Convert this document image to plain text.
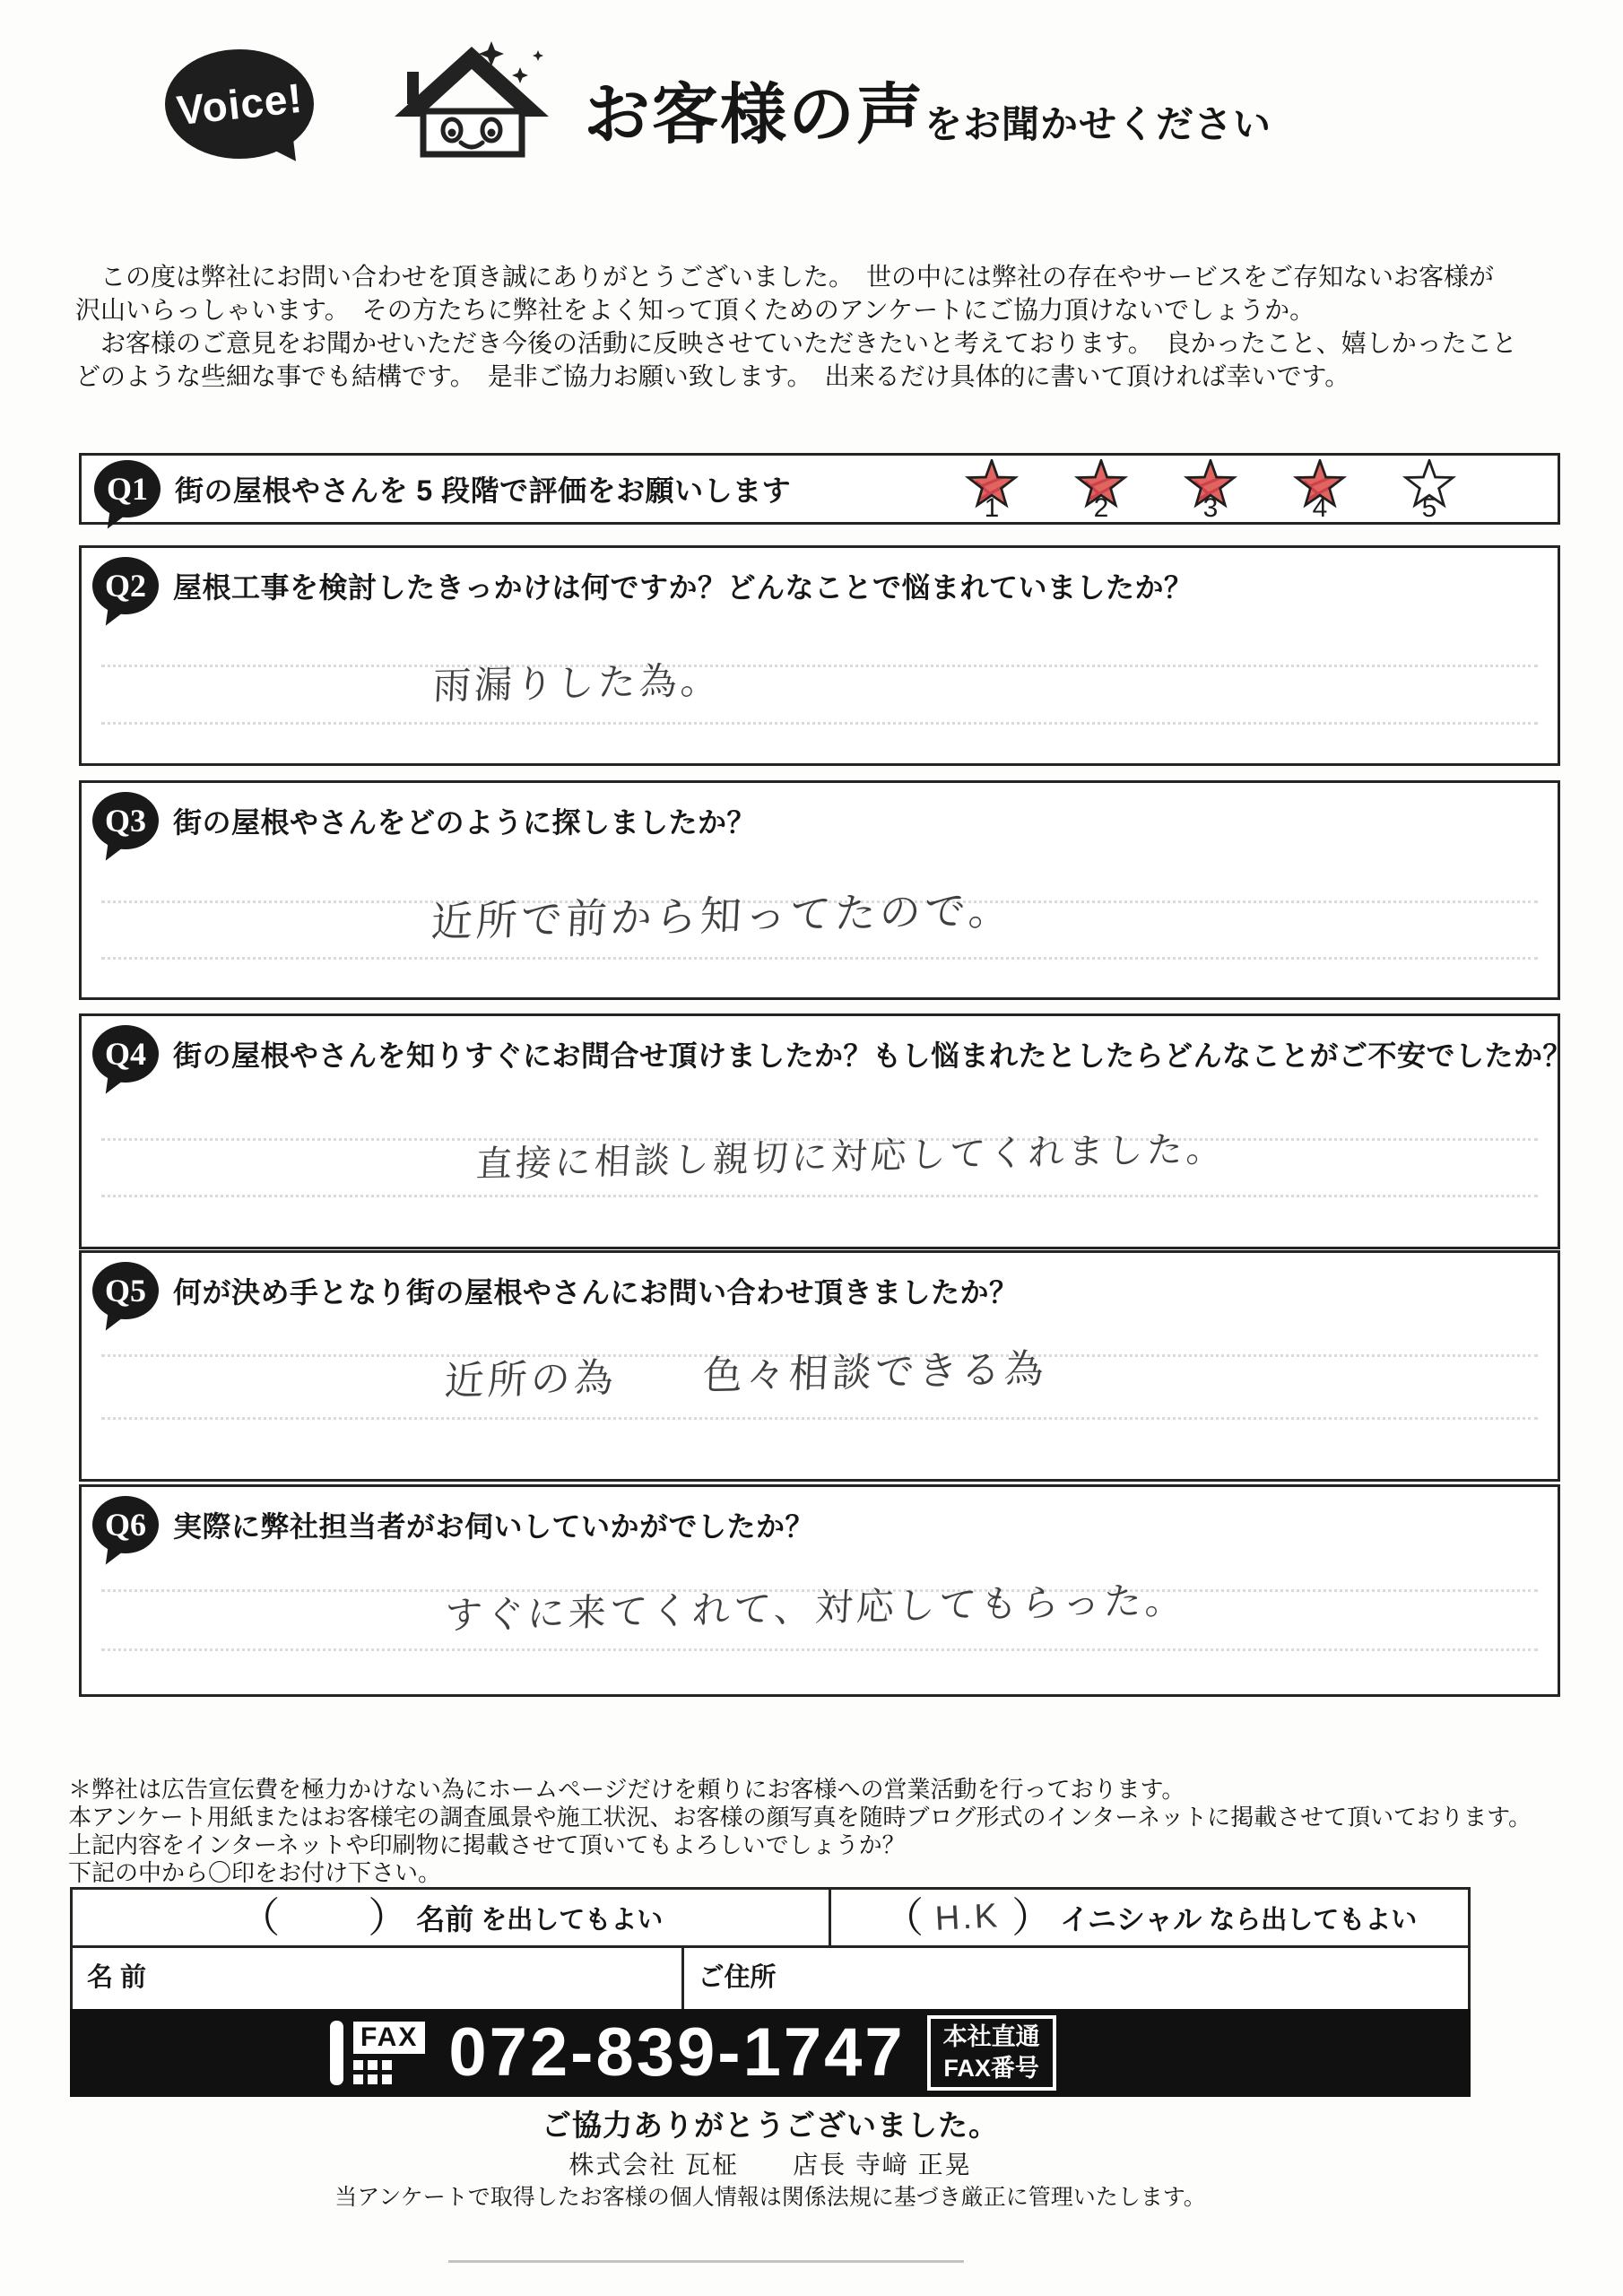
Voice!	お客様の声 をお聞かせください
　この度は弊社にお問い合わせを頂き誠にありがとうございました。　世の中には弊社の存在やサービスをご存知ないお客様が
沢山いらっしゃいます。　その方たちに弊社をよく知って頂くためのアンケートにご協力頂けないでしょうか。
　お客様のご意見をお聞かせいただき今後の活動に反映させていただきたいと考えております。　良かったこと、嬉しかったこと
どのような些細な事でも結構です。　是非ご協力お願い致します。　出来るだけ具体的に書いて頂ければ幸いです。
Q1 街の屋根やさんを 5 段階で評価をお願いします
1	2	3	4	5
Q2 屋根工事を検討したきっかけは何ですか？どんなことで悩まれていましたか？
雨漏りした為。
Q3 街の屋根やさんをどのように探しましたか？
近所で前から知ってたので。
Q4 街の屋根やさんを知りすぐにお問合せ頂けましたか？もし悩まれたとしたらどんなことがご不安でしたか？
直接に相談し親切に対応してくれました。
Q5 何が決め手となり街の屋根やさんにお問い合わせ頂きましたか？
近所の為　　色々相談できる為
Q6 実際に弊社担当者がお伺いしていかがでしたか？
すぐに来てくれて、対応してもらった。
＊弊社は広告宣伝費を極力かけない為にホームページだけを頼りにお客様への営業活動を行っております。
本アンケート用紙またはお客様宅の調査風景や施工状況、お客様の顔写真を随時ブログ形式のインターネットに掲載させて頂いております。
上記内容をインターネットや印刷物に掲載させて頂いてもよろしいでしょうか？
下記の中から〇印をお付け下さい。
（ ） 名前 を出してもよい	（ H.K ） イニシャル なら出してもよい
名 前	ご住所
FAX 072-839-1747 本社直通
FAX番号
ご協力ありがとうございました。
株式会社 瓦柾　　店長 寺﨑 正晃
当アンケートで取得したお客様の個人情報は関係法規に基づき厳正に管理いたします。
